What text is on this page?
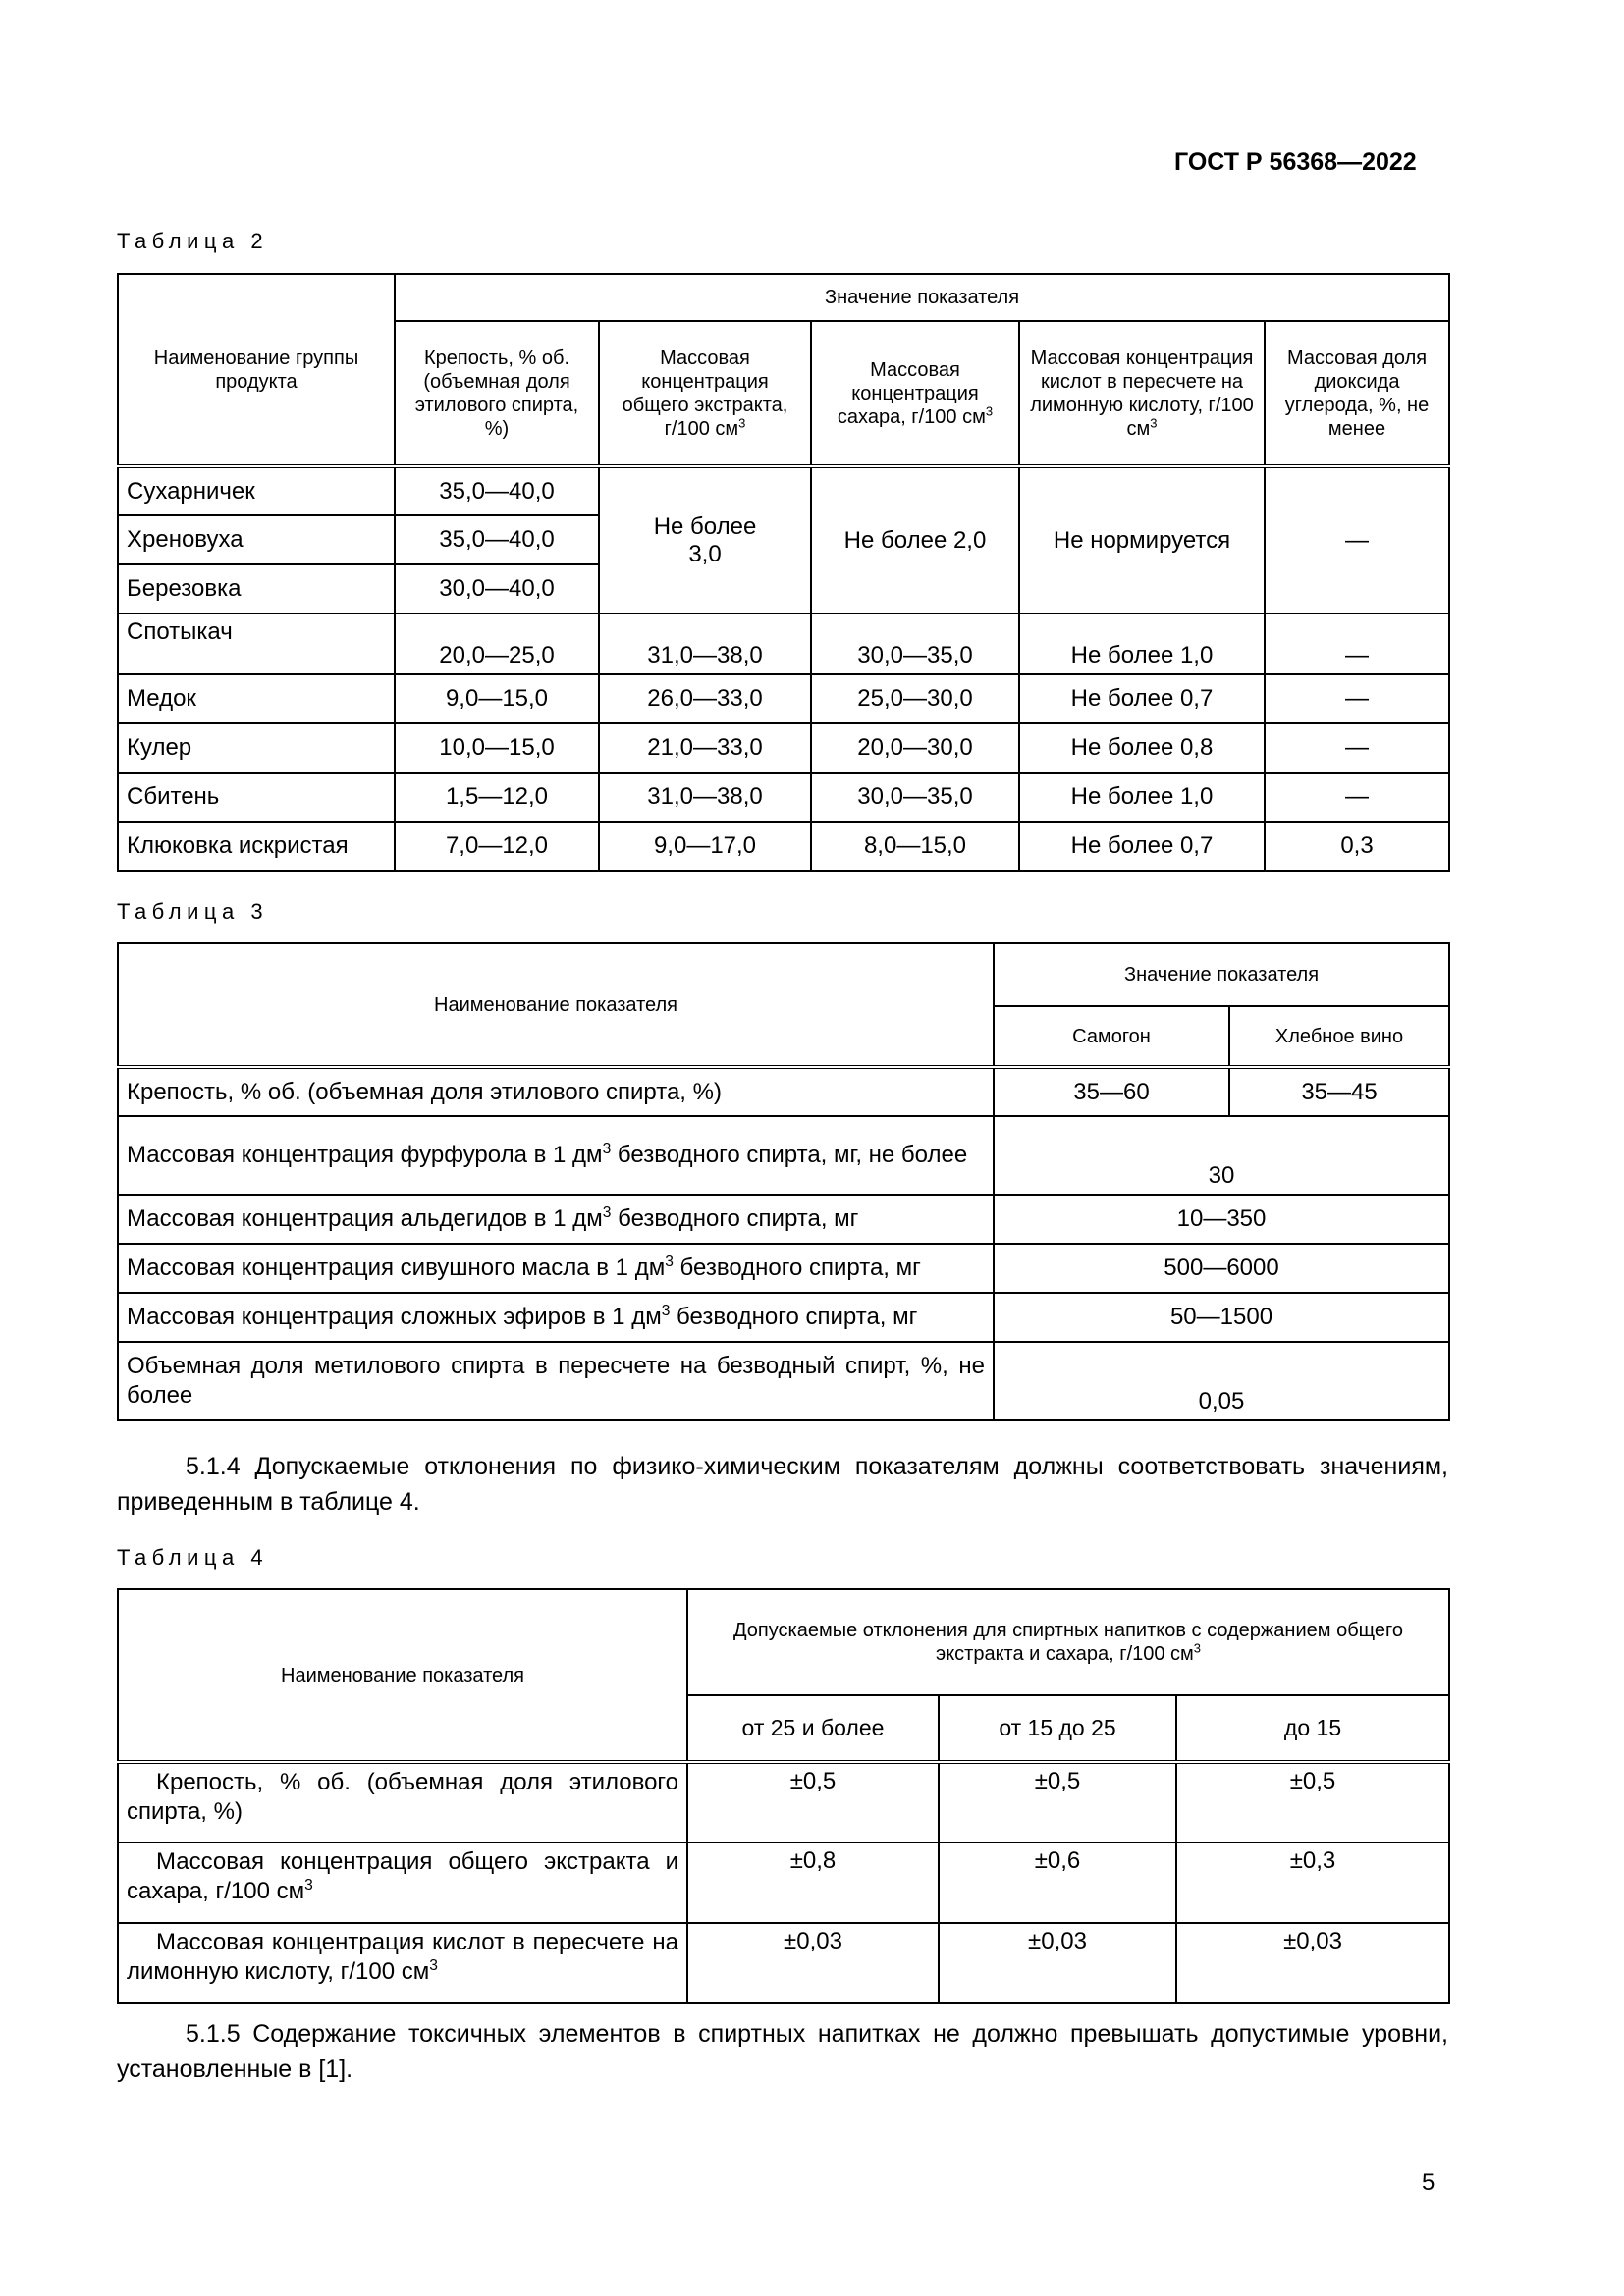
ГОСТ Р 56368—2022
Таблица 2
Наименование группы продукта	Значение показателя				
	Крепость, % об. (объемная доля этилового спирта, %)	Массовая концентрация общего экстракта, г/100 $см^3$	Массовая концентрация сахара, г/100 $см^3$	Массовая концентрация кислот в пересчете на лимонную кислоту, г/100 $см^3$	Массовая доля диоксида углерода, %, не менее
Сухарничек	35,0—40,0	Не более 3,0	Не более 2,0	Не нормируется	—
Хреновуха	35,0—40,0				
Березовка	30,0—40,0				
Спотыкач	20,0—25,0	31,0—38,0	30,0—35,0	Не более 1,0	—
Медок	9,0—15,0	26,0—33,0	25,0—30,0	Не более 0,7	—
Кулер	10,0—15,0	21,0—33,0	20,0—30,0	Не более 0,8	—
Сбитень	1,5—12,0	31,0—38,0	30,0—35,0	Не более 1,0	—
Клюковка искристая	7,0—12,0	9,0—17,0	8,0—15,0	Не более 0,7	0,3
Таблица 3
Наименование показателя	Значение показателя	
	Самогон	Хлебное вино
Крепость, % об. (объемная доля этилового спирта, %)	35—60	35—45
Массовая концентрация фурфурола в 1 $дм^3$ безводного спирта, мг, не более	30	
Массовая концентрация альдегидов в 1 $дм^3$ безводного спирта, мг	10—350	
Массовая концентрация сивушного масла в 1 $дм^3$ безводного спирта, мг	500—6000	
Массовая концентрация сложных эфиров в 1 $дм^3$ безводного спирта, мг	50—1500	
Объемная доля метилового спирта в пересчете на безводный спирт, %, не более	0,05	
5.1.4 Допускаемые отклонения по физико-химическим показателям должны соответствовать значениям, приведенным в таблице 4.
Таблица 4
Наименование показателя	Допускаемые отклонения для спиртных напитков с содержанием общего экстракта и сахара, г/100 $см^3$
	от 25 и более	от 15 до 25	до 15
Крепость, % об. (объемная доля этилового спирта, %)	±0,5	±0,5	±0,5
Массовая концентрация общего экстракта и сахара, г/100 $см^3$	±0,8	±0,6	±0,3
Массовая концентрация кислот в пересчете на лимонную кислоту, г/100 $см^3$	±0,03	±0,03	±0,03
5.1.5 Содержание токсичных элементов в спиртных напитках не должно превышать допустимые уровни, установленные в [1].
5
